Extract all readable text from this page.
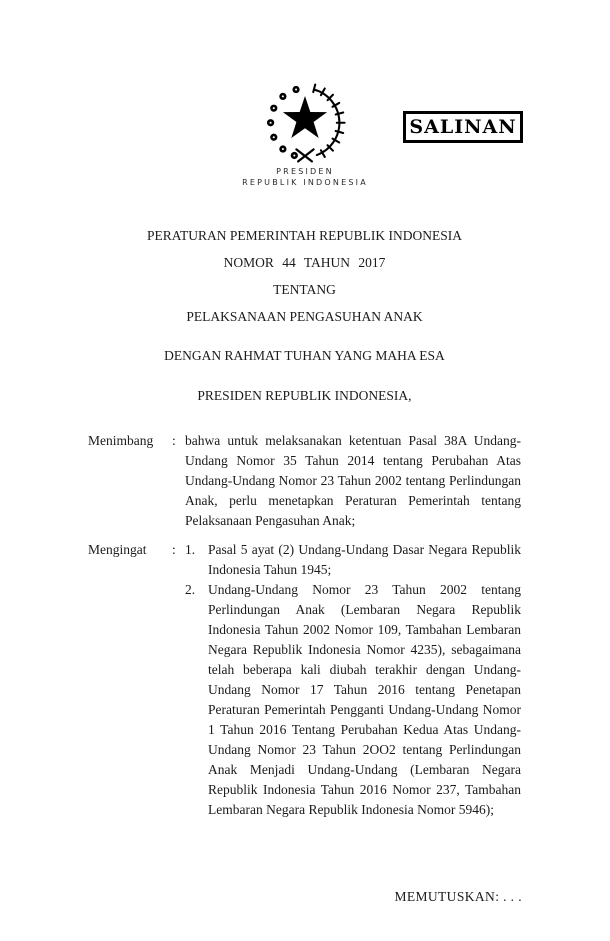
PRESIDEN
REPUBLIK INDONESIA
SALINAN
PERATURAN PEMERINTAH REPUBLIK INDONESIA
NOMOR 44 TAHUN 2017
TENTANG
PELAKSANAAN PENGASUHAN ANAK
DENGAN RAHMAT TUHAN YANG MAHA ESA
PRESIDEN REPUBLIK INDONESIA,
Menimbang	: bahwa untuk melaksanakan ketentuan Pasal 38A Undang-Undang Nomor 35 Tahun 2014 tentang Perubahan Atas Undang-Undang Nomor 23 Tahun 2002 tentang Perlindungan Anak, perlu menetapkan Peraturan Pemerintah tentang Pelaksanaan Pengasuhan Anak;
Mengingat	: 1. Pasal 5 ayat (2) Undang-Undang Dasar Negara Republik Indonesia Tahun 1945;
2. Undang-Undang Nomor 23 Tahun 2002 tentang Perlindungan Anak (Lembaran Negara Republik Indonesia Tahun 2002 Nomor 109, Tambahan Lembaran Negara Republik Indonesia Nomor 4235), sebagaimana telah beberapa kali diubah terakhir dengan Undang-Undang Nomor 17 Tahun 2016 tentang Penetapan Peraturan Pemerintah Pengganti Undang-Undang Nomor 1 Tahun 2016 Tentang Perubahan Kedua Atas Undang-Undang Nomor 23 Tahun 2OO2 tentang Perlindungan Anak Menjadi Undang-Undang (Lembaran Negara Republik Indonesia Tahun 2016 Nomor 237, Tambahan Lembaran Negara Republik Indonesia Nomor 5946);
MEMUTUSKAN: . . .
